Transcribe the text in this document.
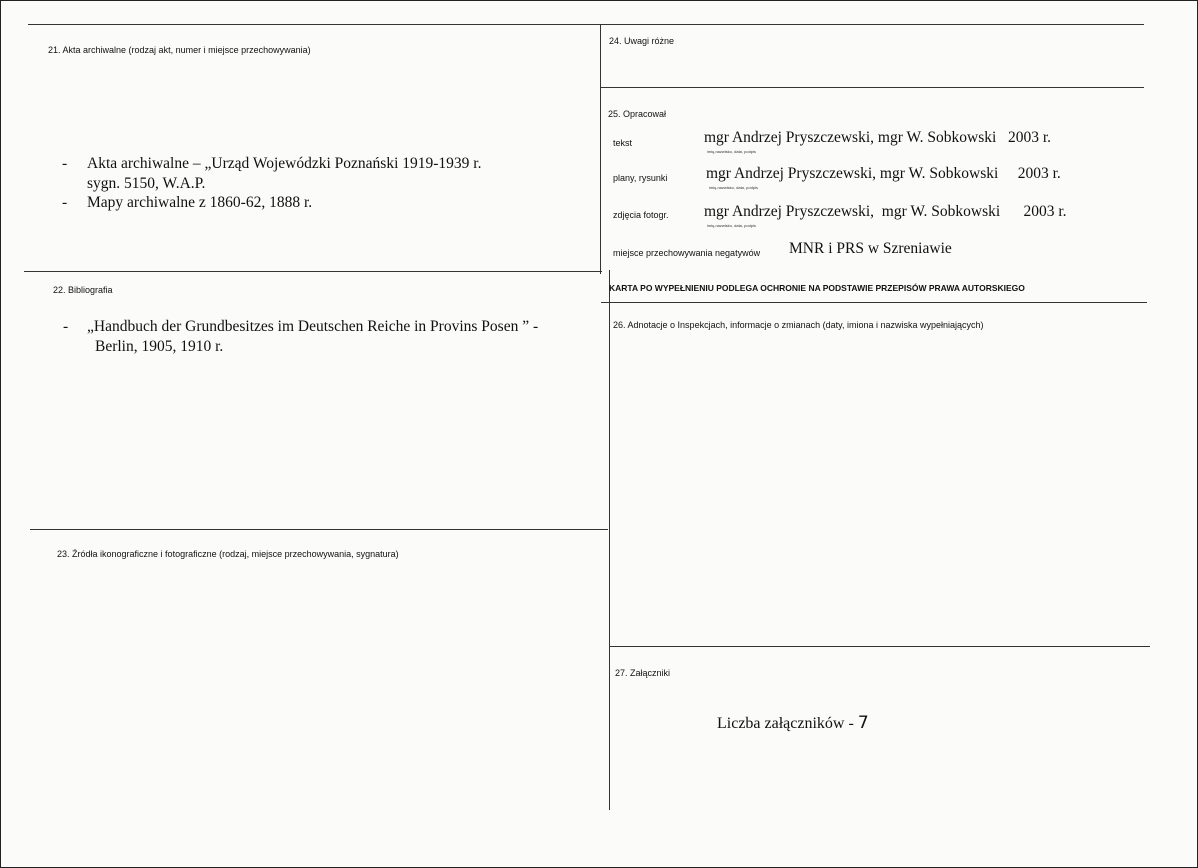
21. Akta archiwalne (rodzaj akt, numer i miejsce przechowywania)
- Akta archiwalne – „Urząd Wojewódzki Poznański 1919-1939 r.
sygn. 5150, W.A.P.
- Mapy archiwalne z 1860-62, 1888 r.
22. Bibliografia
- „Handbuch der Grundbesitzes im Deutschen Reiche in Provins Posen ” -
Berlin, 1905, 1910 r.
23. Źródła ikonograficzne i fotograficzne (rodzaj, miejsce przechowywania, sygnatura)
24. Uwagi różne
25. Opracował
tekst	mgr Andrzej Pryszczewski, mgr W. Sobkowski   2003 r.
imię,nazwisko, data, podpis
plany, rysunki mgr Andrzej Pryszczewski, mgr W. Sobkowski     2003 r.
imię,nazwisko, data, podpis
zdjęcia fotogr. mgr Andrzej Pryszczewski,  mgr W. Sobkowski      2003 r.
imię,nazwisko, data, podpis
miejsce przechowywania negatywów MNR i PRS w Szreniawie
KARTA PO WYPEŁNIENIU PODLEGA OCHRONIE NA PODSTAWIE PRZEPISÓW PRAWA AUTORSKIEGO
26. Adnotacje o Inspekcjach, informacje o zmianach (daty, imiona i nazwiska wypełniających)
27. Załączniki
Liczba załączników - 7
